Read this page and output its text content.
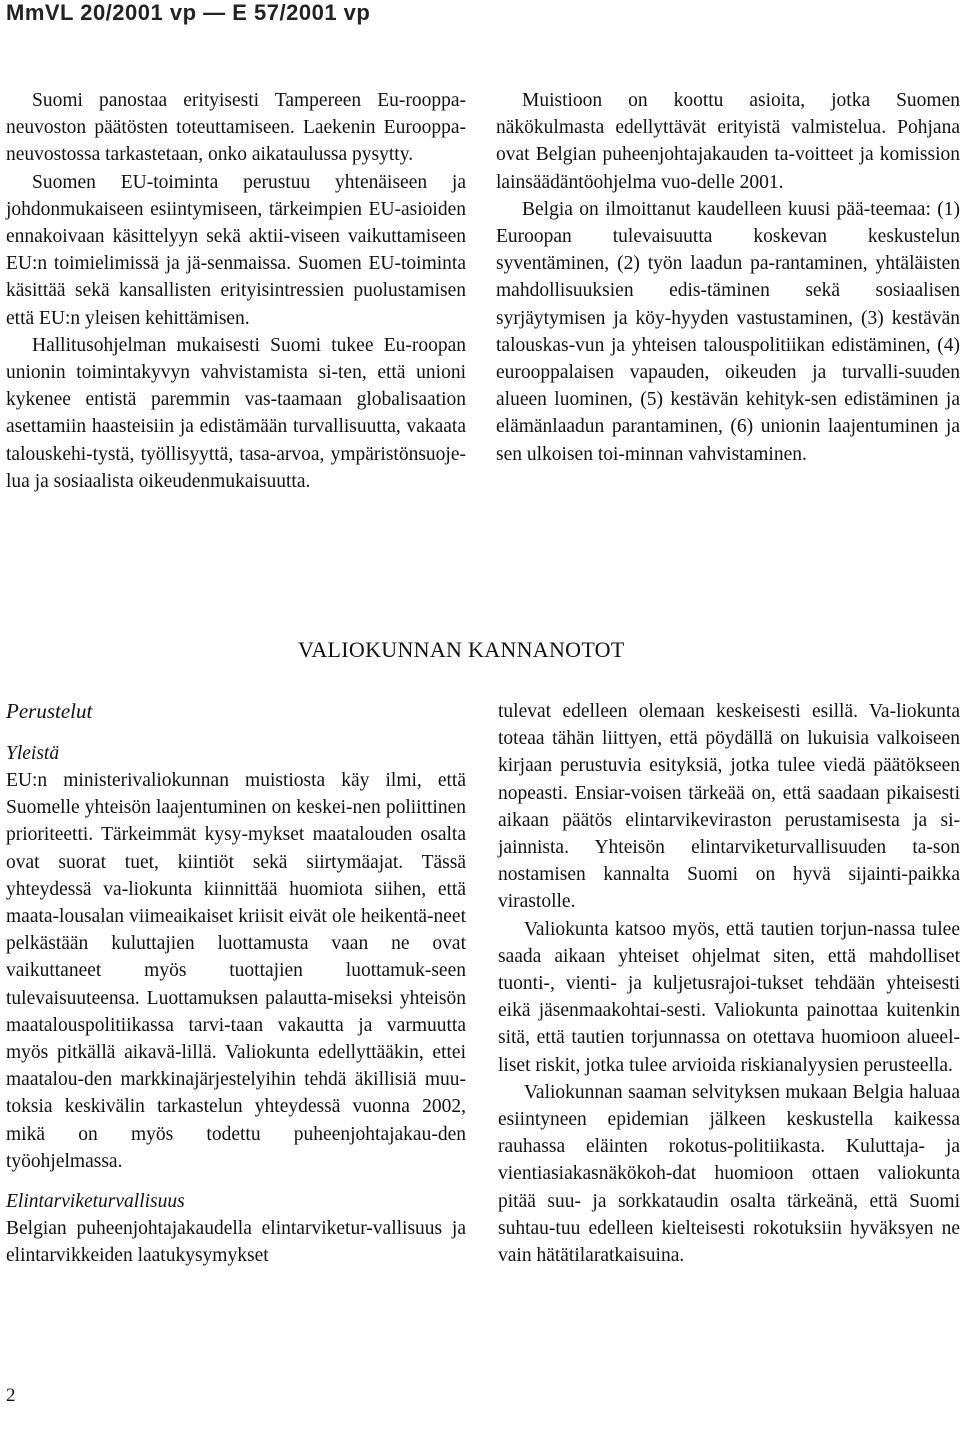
MmVL 20/2001 vp — E 57/2001 vp

Suomi panostaa erityisesti Tampereen Eu-rooppa-neuvoston päätösten toteuttamiseen. Laekenin Eurooppa-neuvostossa tarkastetaan, onko aikataulussa pysytty.

Suomen EU-toiminta perustuu yhtenäiseen ja johdonmukaiseen esiintymiseen, tärkeimpien EU-asioiden ennakoivaan käsittelyyn sekä aktii-viseen vaikuttamiseen EU:n toimielimissä ja jä-senmaissa. Suomen EU-toiminta käsittää sekä kansallisten erityisintressien puolustamisen että EU:n yleisen kehittämisen.

Hallitusohjelman mukaisesti Suomi tukee Eu-roopan unionin toimintakyvyn vahvistamista si-ten, että unioni kykenee entistä paremmin vas-taamaan globalisaation asettamiin haasteisiin ja edistämään turvallisuutta, vakaata talouskehi-tystä, työllisyyttä, tasa-arvoa, ympäristönsuoje-lua ja sosiaalista oikeudenmukaisuutta.

Muistioon on koottu asioita, jotka Suomen näkökulmasta edellyttävät erityistä valmistelua. Pohjana ovat Belgian puheenjohtajakauden ta-voitteet ja komission lainsäädäntöohjelma vuo-delle 2001.

Belgia on ilmoittanut kaudelleen kuusi pää-teemaa: (1) Euroopan tulevaisuutta koskevan keskustelun syventäminen, (2) työn laadun pa-rantaminen, yhtäläisten mahdollisuuksien edis-täminen sekä sosiaalisen syrjäytymisen ja köy-hyyden vastustaminen, (3) kestävän talouskas-vun ja yhteisen talouspolitiikan edistäminen, (4) eurooppalaisen vapauden, oikeuden ja turvalli-suuden alueen luominen, (5) kestävän kehityk-sen edistäminen ja elämänlaadun parantaminen, (6) unionin laajentuminen ja sen ulkoisen toi-minnan vahvistaminen.

VALIOKUNNAN KANNANOTOT
Perustelut
Yleistä

EU:n ministerivaliokunnan muistiosta käy ilmi, että Suomelle yhteisön laajentuminen on keskei-nen poliittinen prioriteetti. Tärkeimmät kysy-mykset maatalouden osalta ovat suorat tuet, kiintiöt sekä siirtymäajat. Tässä yhteydessä va-liokunta kiinnittää huomiota siihen, että maata-lousalan viimeaikaiset kriisit eivät ole heikentä-neet pelkästään kuluttajien luottamusta vaan ne ovat vaikuttaneet myös tuottajien luottamuk-seen tulevaisuuteensa. Luottamuksen palautta-miseksi yhteisön maatalouspolitiikassa tarvi-taan vakautta ja varmuutta myös pitkällä aikavä-lillä. Valiokunta edellyttääkin, ettei maatalou-den markkinajärjestelyihin tehdä äkillisiä muu-toksia keskivälin tarkastelun yhteydessä vuonna 2002, mikä on myös todettu puheenjohtajakau-den työohjelmassa.

Elintarviketurvallisuus

Belgian puheenjohtajakaudella elintarviketur-vallisuus ja elintarvikkeiden laatukysymykset

tulevat edelleen olemaan keskeisesti esillä. Va-liokunta toteaa tähän liittyen, että pöydällä on lukuisia valkoiseen kirjaan perustuvia esityksiä, jotka tulee viedä päätökseen nopeasti. Ensiar-voisen tärkeää on, että saadaan pikaisesti aikaan päätös elintarvikeviraston perustamisesta ja si-jainnista. Yhteisön elintarviketurvallisuuden ta-son nostamisen kannalta Suomi on hyvä sijainti-paikka virastolle.

Valiokunta katsoo myös, että tautien torjun-nassa tulee saada aikaan yhteiset ohjelmat siten, että mahdolliset tuonti-, vienti- ja kuljetusrajoi-tukset tehdään yhteisesti eikä jäsenmaakohtai-sesti. Valiokunta painottaa kuitenkin sitä, että tautien torjunnassa on otettava huomioon alueel-liset riskit, jotka tulee arvioida riskianalyysien perusteella.

Valiokunnan saaman selvityksen mukaan Belgia haluaa esiintyneen epidemian jälkeen keskustella kaikessa rauhassa eläinten rokotus-politiikasta. Kuluttaja- ja vientiasiakasnäkökoh-dat huomioon ottaen valiokunta pitää suu- ja sorkkataudin osalta tärkeänä, että Suomi suhtau-tuu edelleen kielteisesti rokotuksiin hyväksyen ne vain hätätilaratkaisuina.

2
